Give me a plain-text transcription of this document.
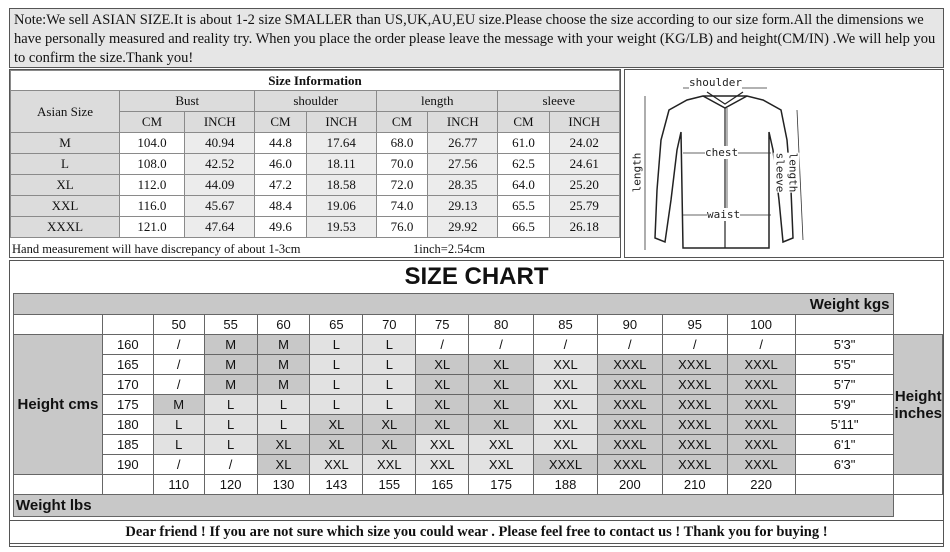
Note:We sell ASIAN SIZE.It is about 1-2 size SMALLER than US,UK,AU,EU size.Please choose the size according to our size form.All the dimensions we have personally measured and reality try. When you place the order please leave the message with your weight (KG/LB) and height(CM/IN) .We will help you to confirm the size.Thank you!
Size Information								
Asian Size	Bust		shoulder		length		sleeve	
	CM	INCH	CM	INCH	CM	INCH	CM	INCH
M	104.0	40.94	44.8	17.64	68.0	26.77	61.0	24.02
L	108.0	42.52	46.0	18.11	70.0	27.56	62.5	24.61
XL	112.0	44.09	47.2	18.58	72.0	28.35	64.0	25.20
XXL	116.0	45.67	48.4	19.06	74.0	29.13	65.5	25.79
XXXL	121.0	47.64	49.6	19.53	76.0	29.92	66.5	26.18

Hand measurement will have discrepancy of about 1-3cm	1inch=2.54cm
shoulder
chest
waist
length	sleeve length
SIZE CHART
Weight kgs														
		50	55	60	65	70	75	80	85	90	95	100		
Height cms	160	/	M	M	L	L	/	/	/	/	/	/	5'3"	Height inches
	165	/	M	M	L	L	XL	XL	XXL	XXXL	XXXL	XXXL	5'5"	
	170	/	M	M	L	L	XL	XL	XXL	XXXL	XXXL	XXXL	5'7"	
	175	M	L	L	L	L	XL	XL	XXL	XXXL	XXXL	XXXL	5'9"	
	180	L	L	L	XL	XL	XL	XL	XXL	XXXL	XXXL	XXXL	5'11"	
	185	L	L	XL	XL	XL	XXL	XXL	XXL	XXXL	XXXL	XXXL	6'1"	
	190	/	/	XL	XXL	XXL	XXL	XXL	XXXL	XXXL	XXXL	XXXL	6'3"	
		110	120	130	143	155	165	175	188	200	210	220		
Weight lbs														
Dear friend ! If you are not sure which size you could wear . Please feel free to contact us ! Thank you for buying !
